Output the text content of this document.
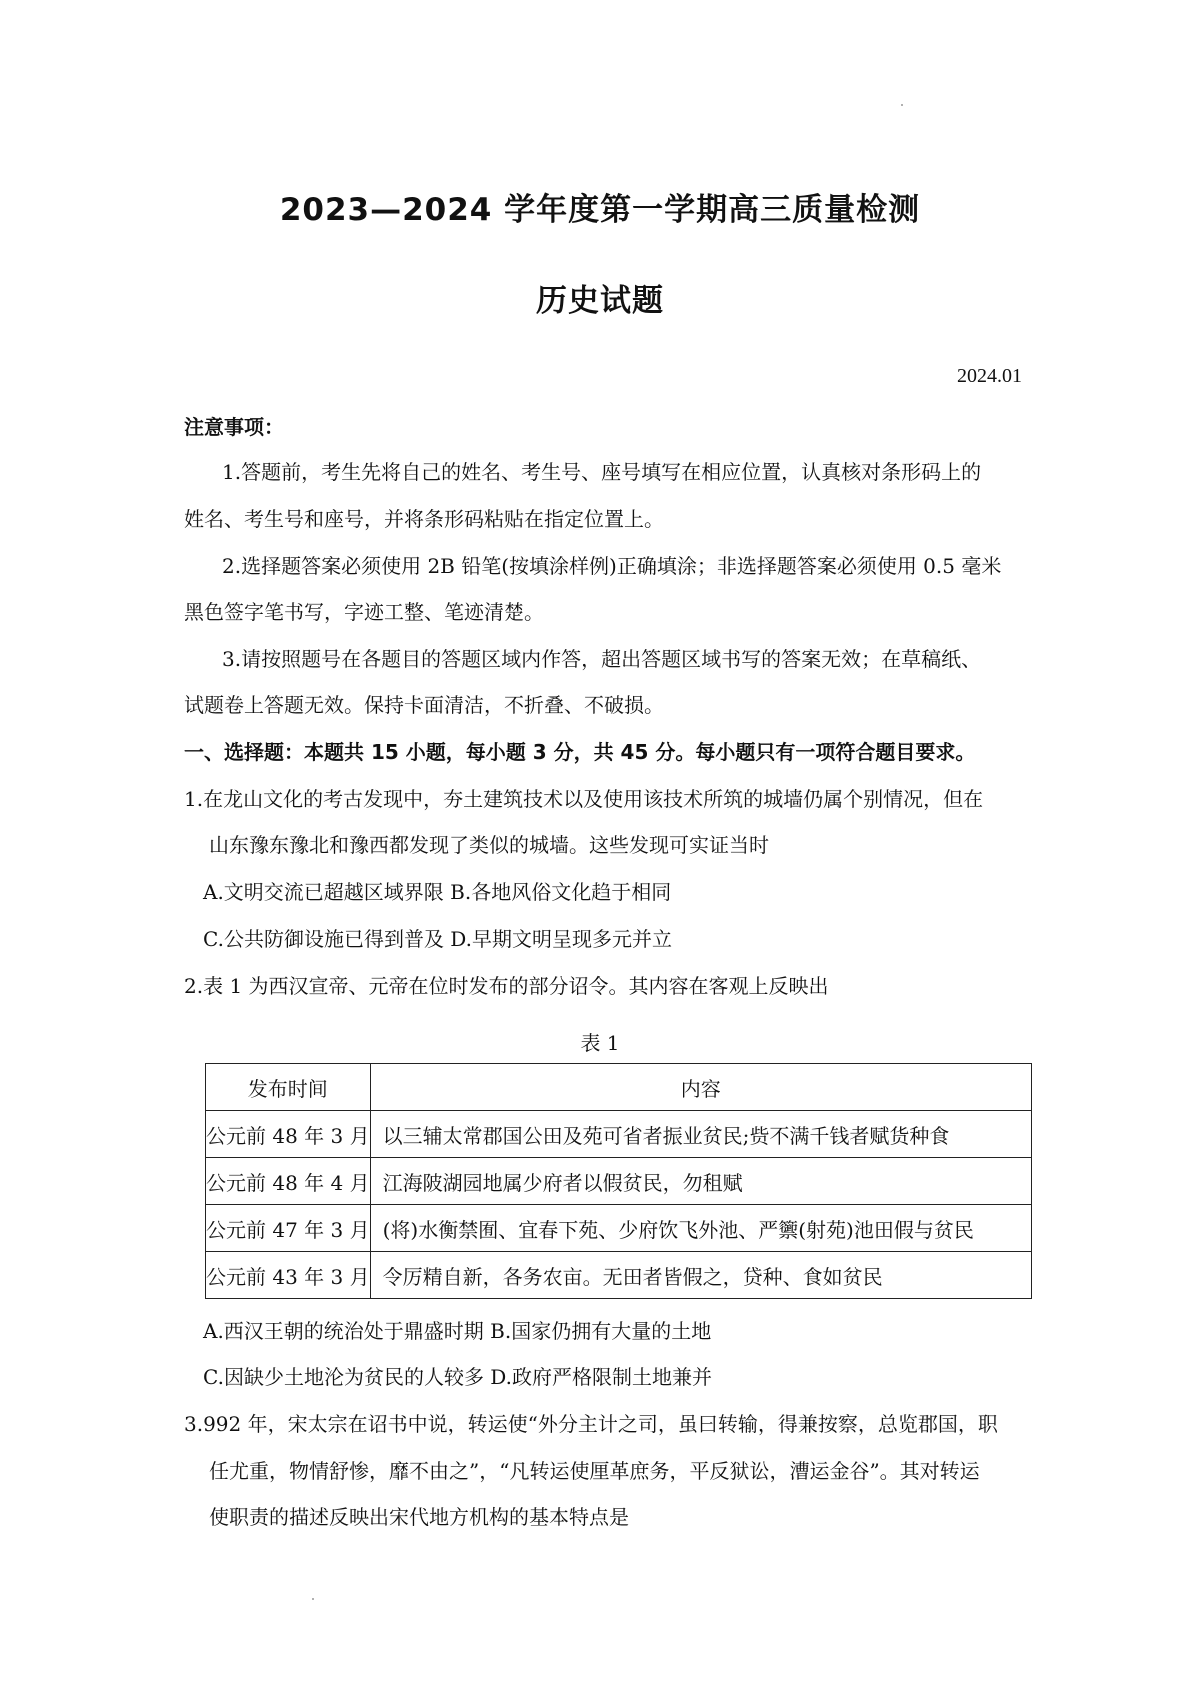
2023—2024 学年度第一学期高三质量检测
历史试题
2024.01
注意事项：
1.答题前，考生先将自己的姓名、考生号、座号填写在相应位置，认真核对条形码上的
姓名、考生号和座号，并将条形码粘贴在指定位置上。
2.选择题答案必须使用 2B 铅笔(按填涂样例)正确填涂；非选择题答案必须使用 0.5 毫米
黑色签字笔书写，字迹工整、笔迹清楚。
3.请按照题号在各题目的答题区域内作答，超出答题区域书写的答案无效；在草稿纸、
试题卷上答题无效。保持卡面清洁，不折叠、不破损。
一、选择题：本题共 15 小题，每小题 3 分，共 45 分。每小题只有一项符合题目要求。
1.在龙山文化的考古发现中，夯土建筑技术以及使用该技术所筑的城墙仍属个别情况，但在
山东豫东豫北和豫西都发现了类似的城墙。这些发现可实证当时
A.文明交流已超越区域界限 B.各地风俗文化趋于相同
C.公共防御设施已得到普及 D.早期文明呈现多元并立
2.表 1 为西汉宣帝、元帝在位时发布的部分诏令。其内容在客观上反映出
表 1
发布时间	内容
公元前 48 年 3 月	以三辅太常郡国公田及苑可省者振业贫民;赀不满千钱者赋货种食
公元前 48 年 4 月	江海陂湖园地属少府者以假贫民，勿租赋
公元前 47 年 3 月	(将)水衡禁囿、宜春下苑、少府饮飞外池、严籞(射苑)池田假与贫民
公元前 43 年 3 月	令厉精自新，各务农亩。无田者皆假之，贷种、食如贫民
A.西汉王朝的统治处于鼎盛时期 B.国家仍拥有大量的土地
C.因缺少土地沦为贫民的人较多 D.政府严格限制土地兼并
3.992 年，宋太宗在诏书中说，转运使“外分主计之司，虽曰转输，得兼按察，总览郡国，职
任尤重，物情舒惨，靡不由之”，“凡转运使厘革庶务，平反狱讼，漕运金谷”。其对转运
使职责的描述反映出宋代地方机构的基本特点是
